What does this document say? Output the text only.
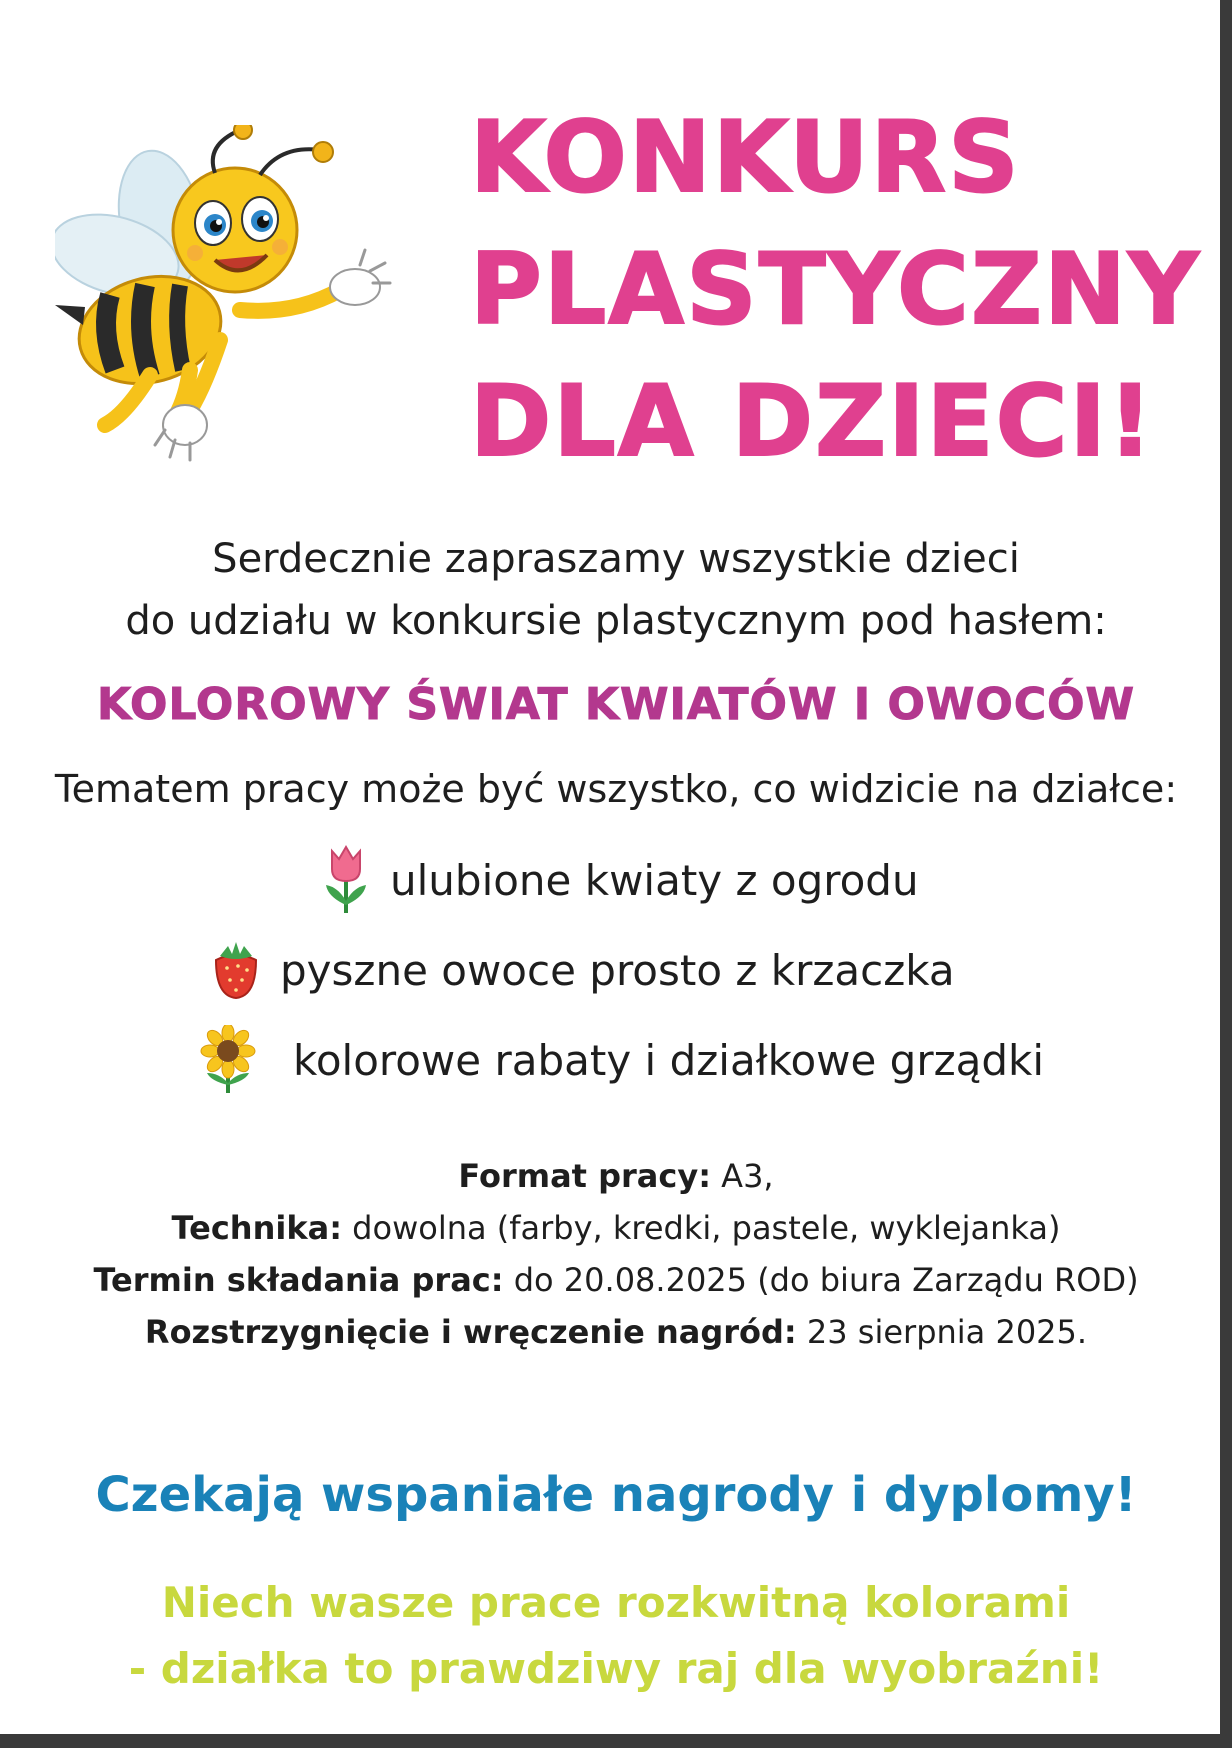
KONKURS
PLASTYCZNY
DLA DZIECI!
Serdecznie zapraszamy wszystkie dzieci
do udziału w konkursie plastycznym pod hasłem:
KOLOROWY ŚWIAT KWIATÓW I OWOCÓW
Tematem pracy może być wszystko, co widzicie na działce:
ulubione kwiaty z ogrodu
pyszne owoce prosto z krzaczka
kolorowe rabaty i działkowe grządki
Format pracy: A3,
Technika: dowolna (farby, kredki, pastele, wyklejanka)
Termin składania prac: do 20.08.2025 (do biura Zarządu ROD)
Rozstrzygnięcie i wręczenie nagród: 23 sierpnia 2025.
Czekają wspaniałe nagrody i dyplomy!
Niech wasze prace rozkwitną kolorami
- działka to prawdziwy raj dla wyobraźni!
